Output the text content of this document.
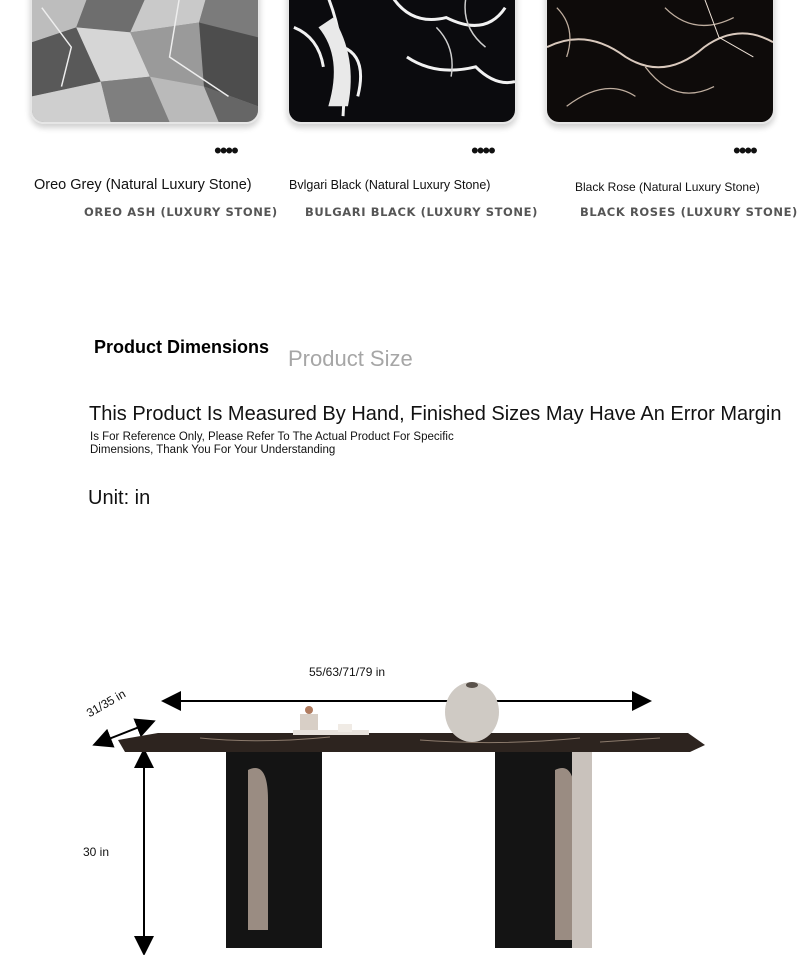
••••	••••	••••
Oreo Grey (Natural Luxury Stone)	Bvlgari Black (Natural Luxury Stone)	Black Rose (Natural Luxury Stone)
OREO ASH (LUXURY STONE) BULGARI BLACK (LUXURY STONE)	BLACK ROSES (LUXURY STONE)
Product Dimensions Product Size
This Product Is Measured By Hand, Finished Sizes May Have An Error Margin
Is For Reference Only, Please Refer To The Actual Product For Specific Dimensions, Thank You For Your Understanding
Unit: in
55/63/71/79 in
31/35 in
30 in
